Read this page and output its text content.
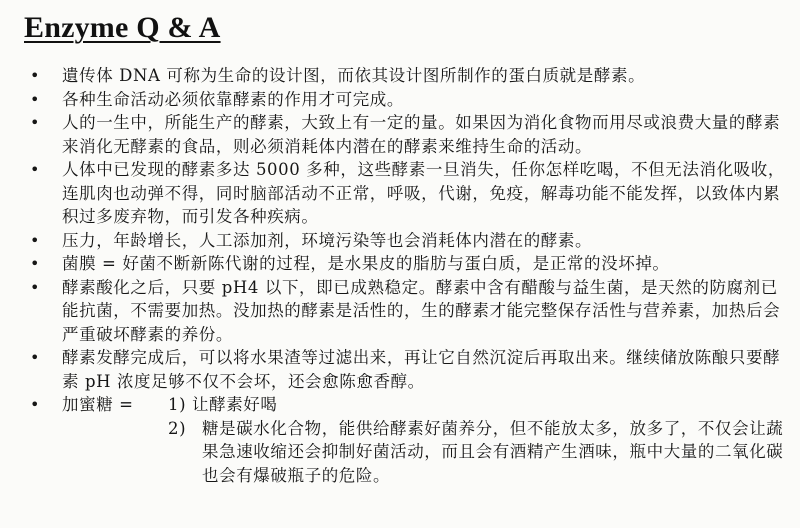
Enzyme Q & A
• 遺传体 DNA 可称为生命的设计图，而依其设计图所制作的蛋白质就是酵素。
• 各种生命活动必须依靠酵素的作用才可完成。
• 人的一生中，所能生产的酵素，大致上有一定的量。如果因为消化食物而用尽或浪费大量的酵素来消化无酵素的食品，则必须消耗体内潜在的酵素来维持生命的活动。
• 人体中已发现的酵素多达 5000 多种，这些酵素一旦消失，任你怎样吃喝，不但无法消化吸收，连肌肉也动弹不得，同时脑部活动不正常，呼吸，代谢，免疫，解毒功能不能发挥，以致体内累积过多废弃物，而引发各种疾病。
• 压力，年龄增长，人工添加剂，环境污染等也会消耗体内潜在的酵素。
• 菌膜 = 好菌不断新陈代谢的过程，是水果皮的脂肪与蛋白质，是正常的没坏掉。
• 酵素酸化之后，只要 pH4 以下，即已成熟稳定。酵素中含有醋酸与益生菌，是天然的防腐剂已能抗菌，不需要加热。没加热的酵素是活性的，生的酵素才能完整保存活性与营养素，加热后会严重破坏酵素的养份。
• 酵素发酵完成后，可以将水果渣等过滤出来，再让它自然沉淀后再取出来。继续储放陈酿只要酵素 pH 浓度足够不仅不会坏，还会愈陈愈香醇。
• 加蜜糖 =1) 让酵素好喝
2) 糖是碳水化合物，能供给酵素好菌养分，但不能放太多，放多了，不仅会让蔬果急速收缩还会抑制好菌活动，而且会有酒精产生酒味，瓶中大量的二氧化碳也会有爆破瓶子的危险。
